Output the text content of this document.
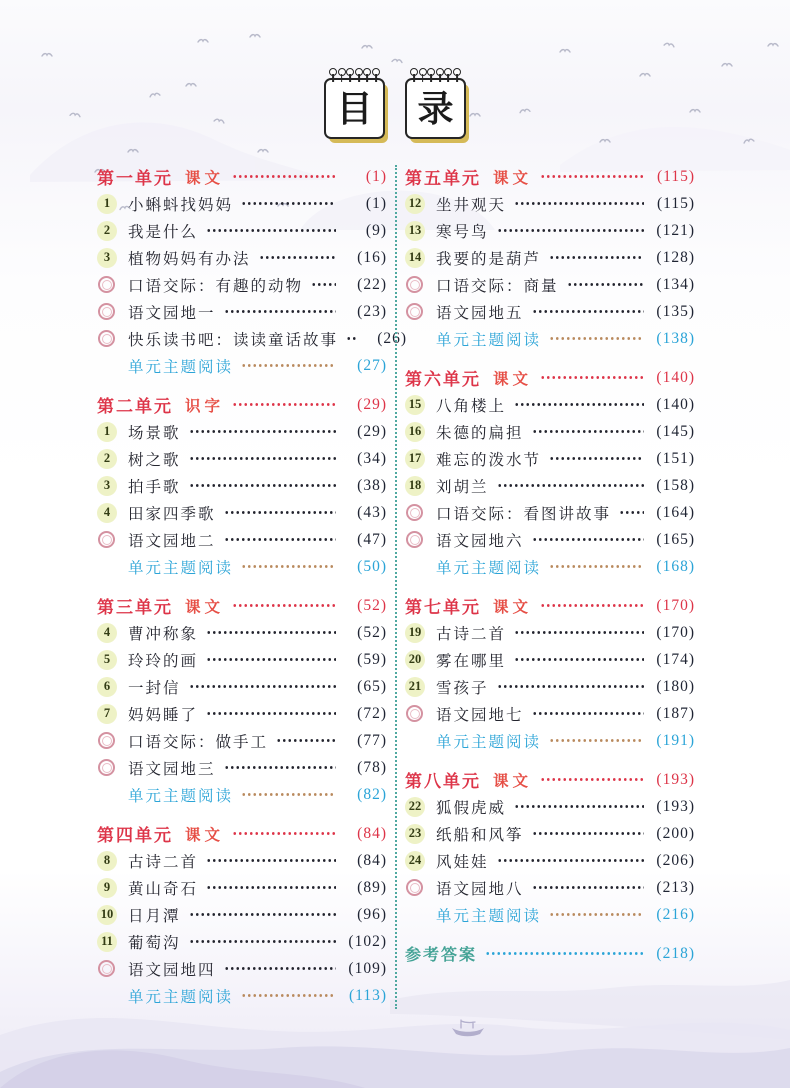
目 录
第一单元 课文	(1)
1	小蝌蚪找妈妈	(1)
2	我是什么	(9)
3	植物妈妈有办法	(16)
口语交际：有趣的动物	(22)
语文园地一	(23)
快乐读书吧：读读童话故事	(26)
单元主题阅读	(27)
第二单元 识字	(29)
1	场景歌	(29)
2	树之歌	(34)
3	拍手歌	(38)
4	田家四季歌	(43)
语文园地二	(47)
单元主题阅读	(50)
第三单元 课文	(52)
4	曹冲称象	(52)
5	玲玲的画	(59)
6	一封信	(65)
7	妈妈睡了	(72)
口语交际：做手工	(77)
语文园地三	(78)
单元主题阅读	(82)
第四单元 课文	(84)
8	古诗二首	(84)
9	黄山奇石	(89)
10 日月潭	(96)
11 葡萄沟	(102)
语文园地四	(109)
单元主题阅读	(113)
第五单元 课文	(115)
12 坐井观天	(115)
13 寒号鸟	(121)
14 我要的是葫芦	(128)
口语交际：商量	(134)
语文园地五	(135)
单元主题阅读	(138)
第六单元 课文	(140)
15 八角楼上	(140)
16 朱德的扁担	(145)
17 难忘的泼水节	(151)
18 刘胡兰	(158)
口语交际：看图讲故事	(164)
语文园地六	(165)
单元主题阅读	(168)
第七单元 课文	(170)
19 古诗二首	(170)
20 雾在哪里	(174)
21 雪孩子	(180)
语文园地七	(187)
单元主题阅读	(191)
第八单元 课文	(193)
22 狐假虎威	(193)
23 纸船和风筝	(200)
24 风娃娃	(206)
语文园地八	(213)
单元主题阅读	(216)
参考答案	(218)
